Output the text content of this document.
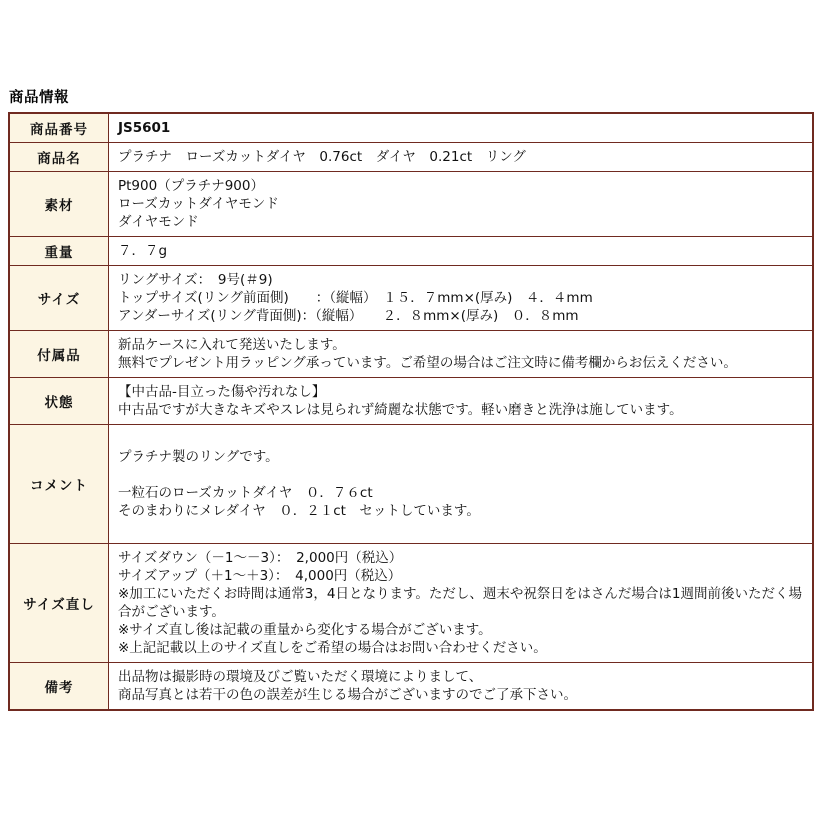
商品情報
商品番号	JS5601

商品名	プラチナ　ローズカットダイヤ　0.76ct　ダイヤ　0.21ct　リング

素材	Pt900（プラチナ900）
ローズカットダイヤモンド
ダイヤモンド

重量	７．７g

サイズ	リングサイズ：　9号(＃9)
トップサイズ(リング前面側)　　：（縦幅）　１５．７mm×(厚み)　４．４mm
アンダーサイズ(リング背面側)：（縦幅）　　２．８mm×(厚み)　０．８mm

付属品	新品ケースに入れて発送いたします。
無料でプレゼント用ラッピング承っています。ご希望の場合はご注文時に備考欄からお伝えください。

状態	【中古品-目立った傷や汚れなし】
中古品ですが大きなキズやスレは見られず綺麗な状態です。軽い磨きと洗浄は施しています。

コメント	プラチナ製のリングです。
一粒石のローズカットダイヤ　０．７６ct
そのまわりにメレダイヤ　０．２１ct　セットしています。

サイズ直し	サイズダウン（－1～－3）：　2,000円（税込）
サイズアップ（＋1～＋3）：　4,000円（税込）
※加工にいただくお時間は通常3，4日となります。ただし、週末や祝祭日をはさんだ場合は1週間前後いただく場合がございます。
※サイズ直し後は記載の重量から変化する場合がございます。
※上記記載以上のサイズ直しをご希望の場合はお問い合わせください。

備考	出品物は撮影時の環境及びご覧いただく環境によりまして、
商品写真とは若干の色の誤差が生じる場合がございますのでご了承下さい。
